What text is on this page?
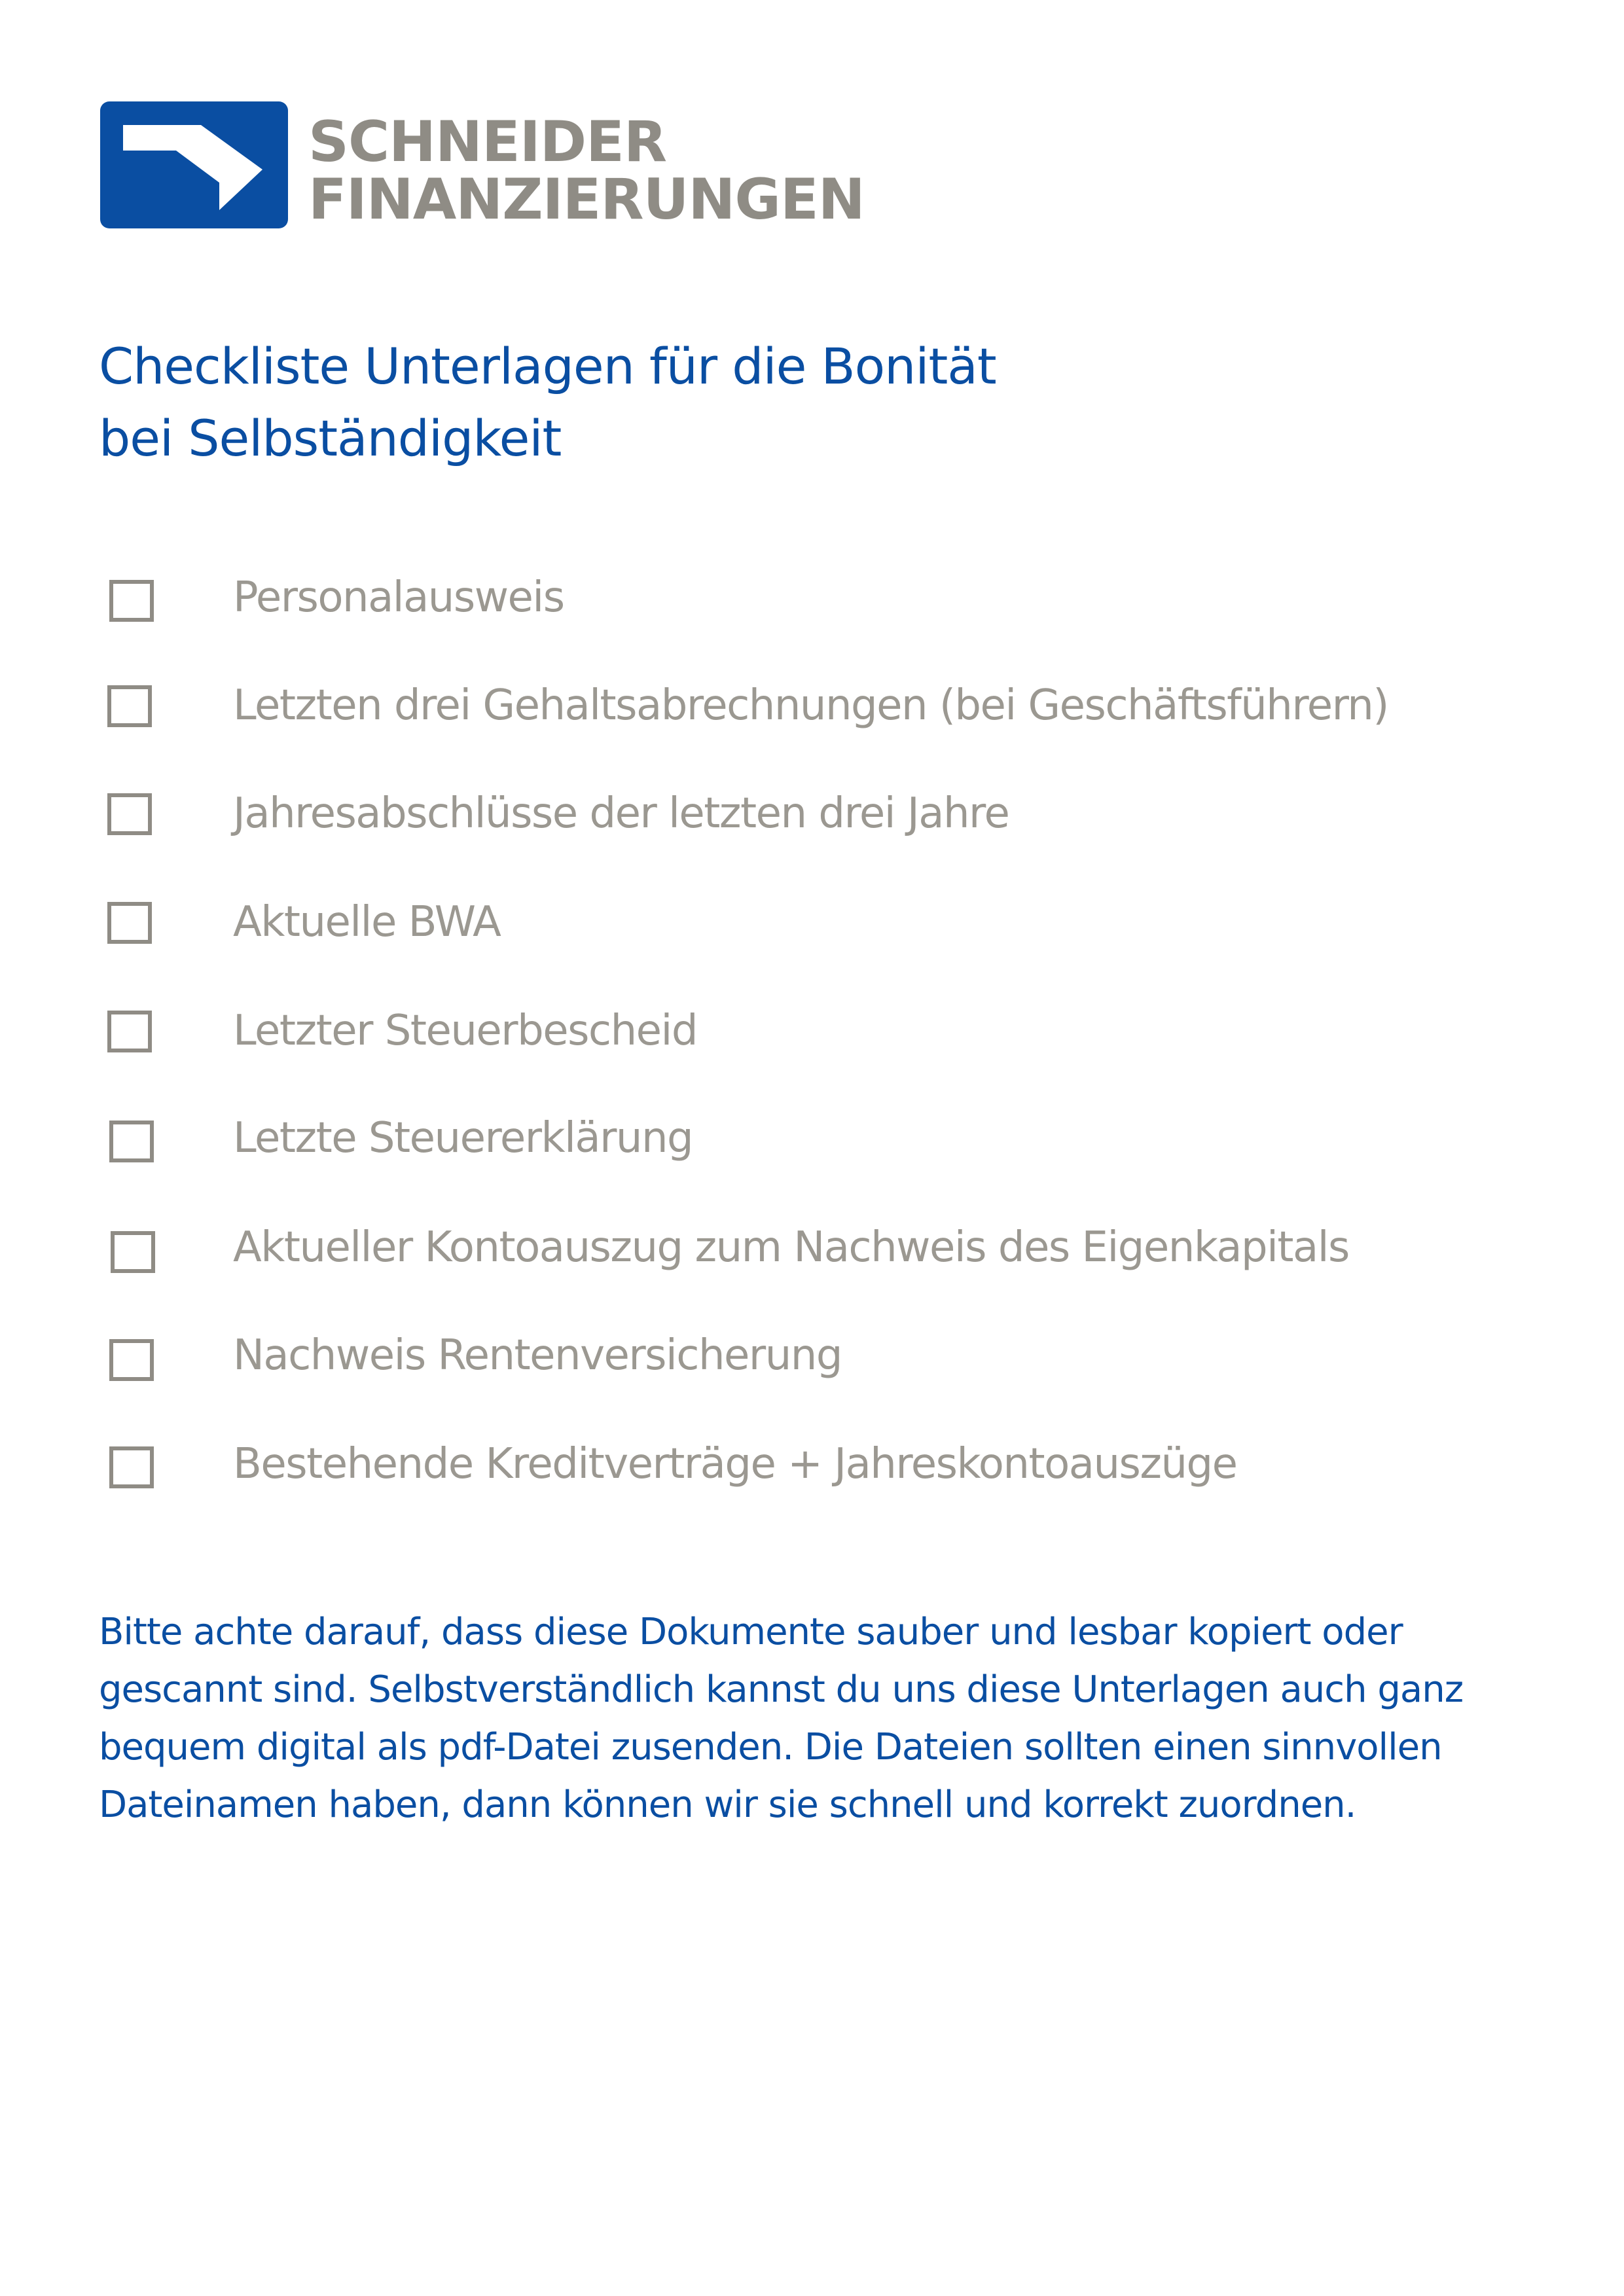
SCHNEIDER
FINANZIERUNGEN
Checkliste Unterlagen für die Bonität
bei Selbständigkeit
Personalausweis
Letzten drei Gehaltsabrechnungen (bei Geschäftsführern)
Jahresabschlüsse der letzten drei Jahre
Aktuelle BWA
Letzter Steuerbescheid
Letzte Steuererklärung
Aktueller Kontoauszug zum Nachweis des Eigenkapitals
Nachweis Rentenversicherung
Bestehende Kreditverträge + Jahreskontoauszüge

Bitte achte darauf, dass diese Dokumente sauber und lesbar kopiert oder
gescannt sind. Selbstverständlich kannst du uns diese Unterlagen auch ganz
bequem digital als pdf-Datei zusenden. Die Dateien sollten einen sinnvollen
Dateinamen haben, dann können wir sie schnell und korrekt zuordnen.
